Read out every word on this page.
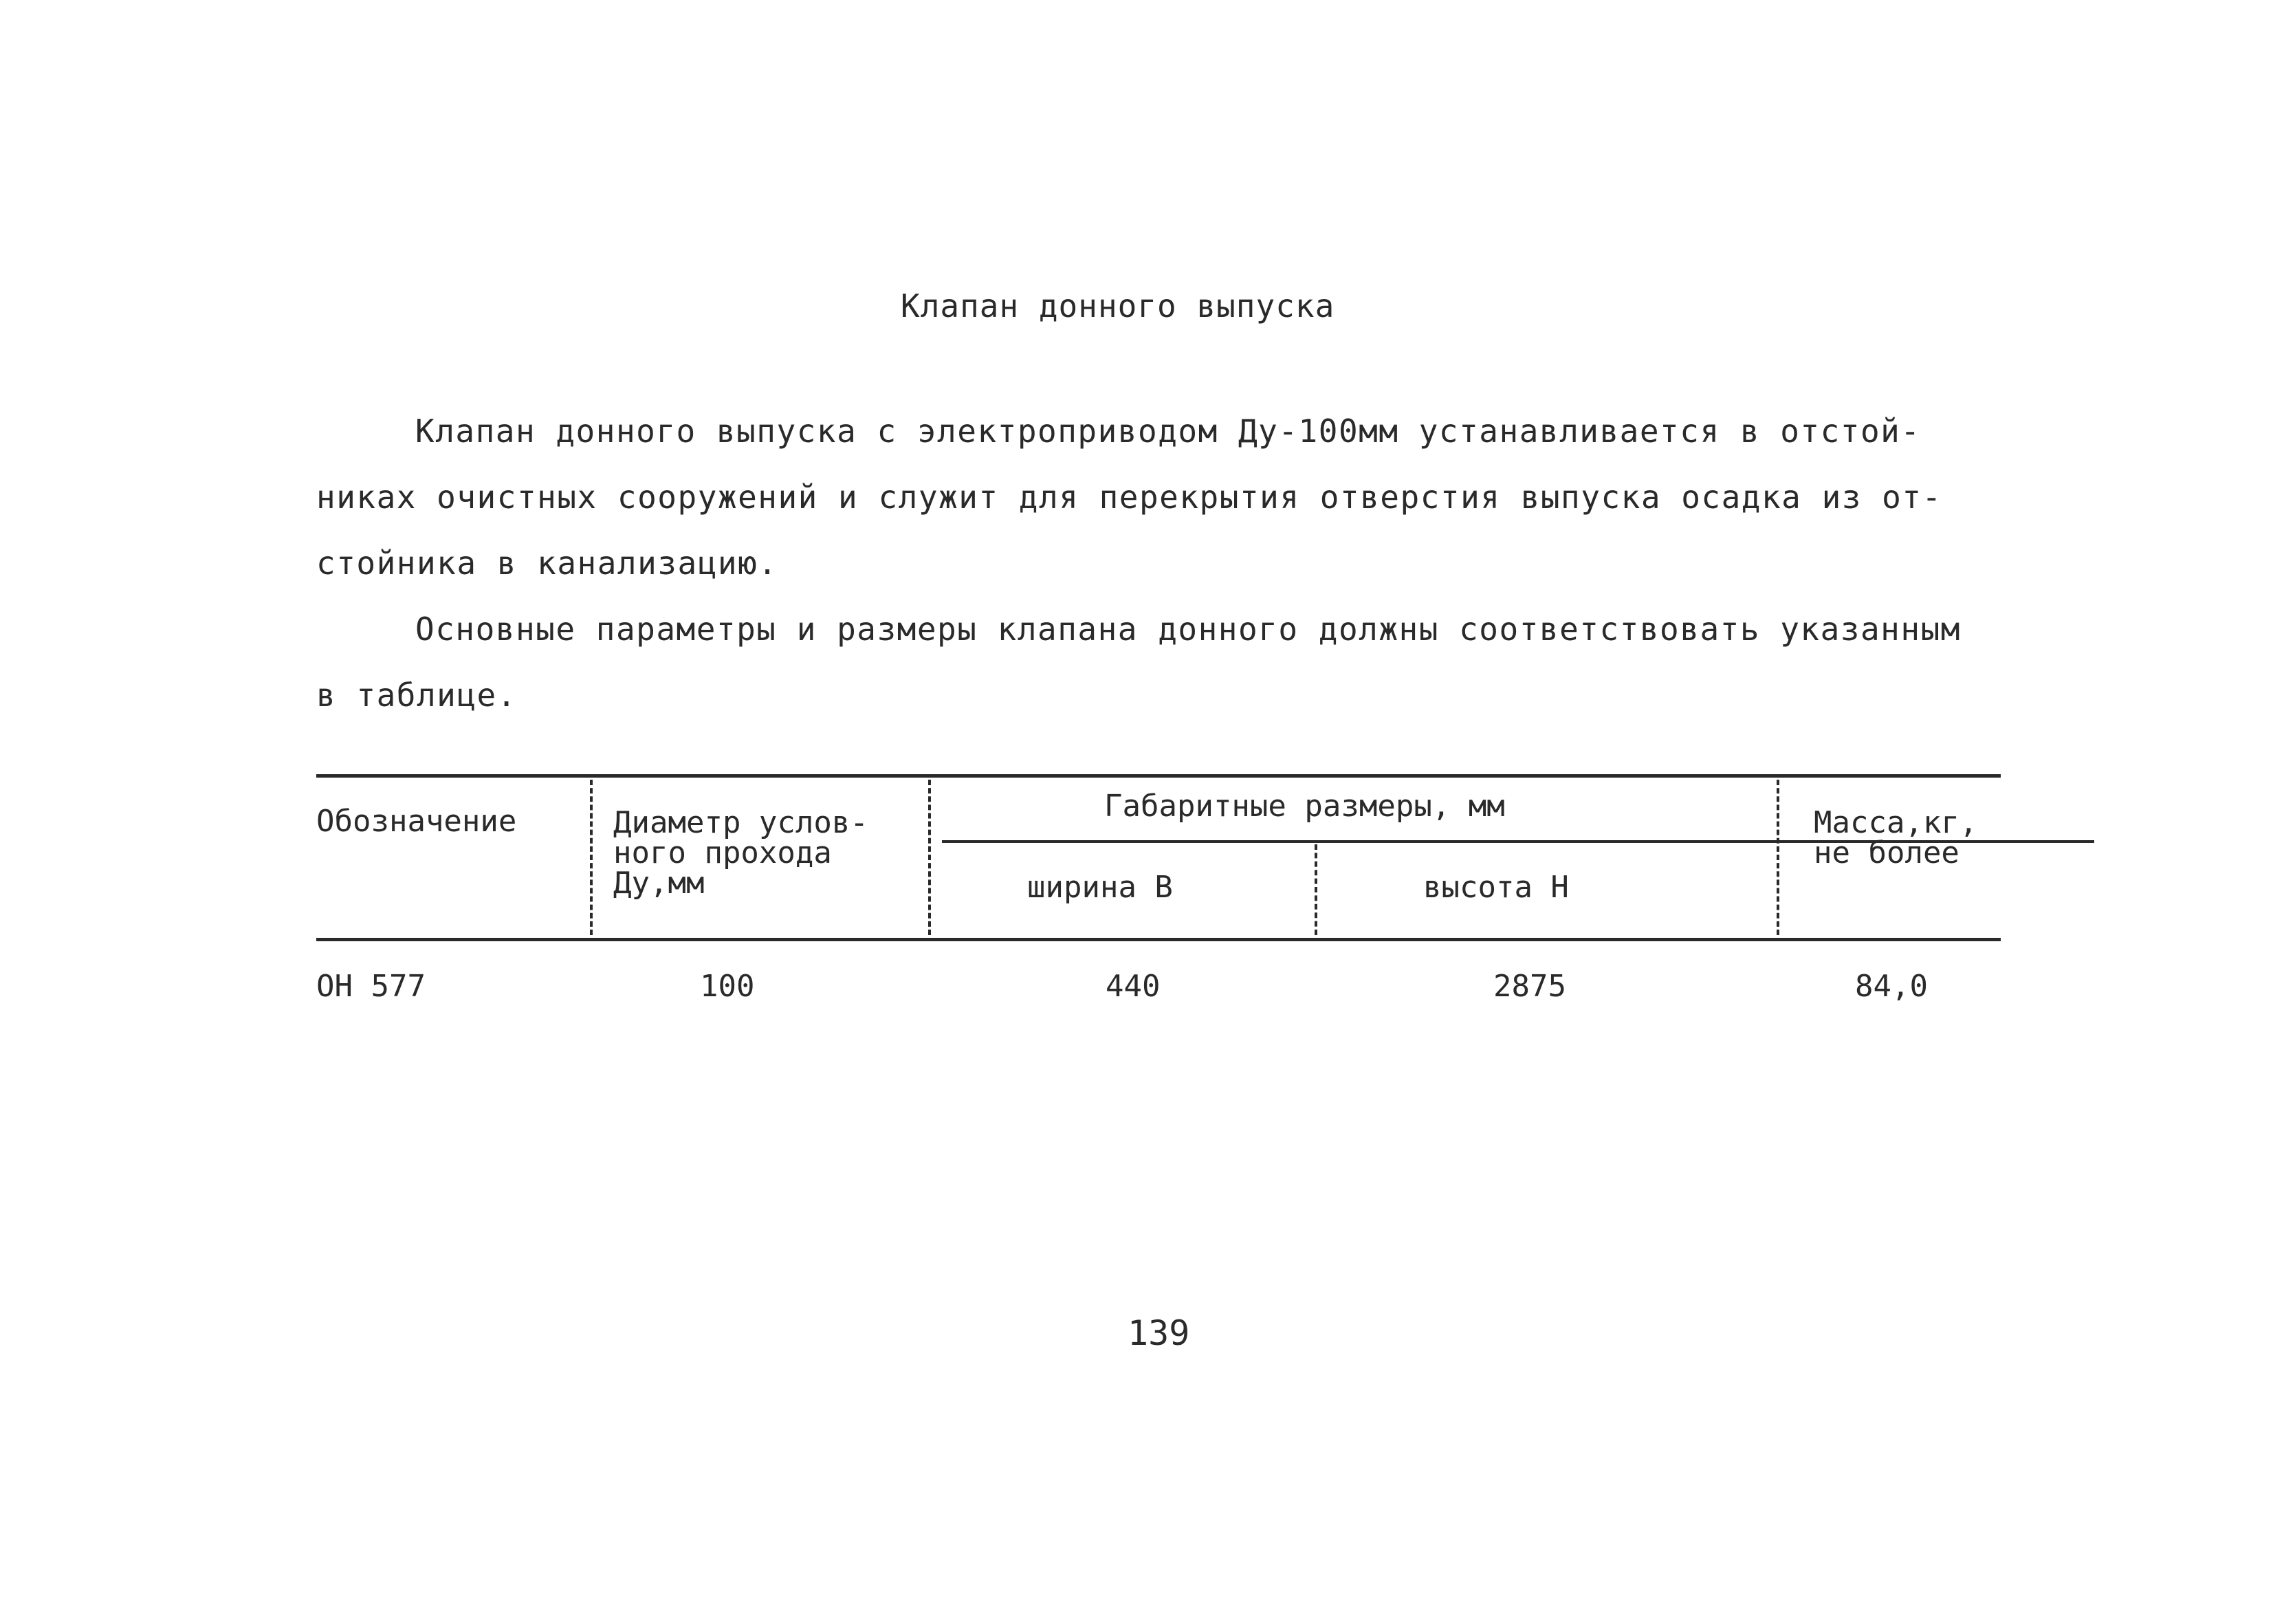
Клапан донного выпуска
Клапан донного выпуска с электроприводом Ду-100мм устанавливается в отстой-
никах очистных сооружений и служит для перекрытия отверстия выпуска осадка из от-
стойника в канализацию.
Основные параметры и размеры клапана донного должны соответствовать указанным
в таблице.
Обозначение	Диаметр услов-
ного прохода
Ду,мм
Габаритные размеры, мм
ширина В	высота Н
Масса,кг,
не более
ОН 577	100	440	2875	84,0
139
